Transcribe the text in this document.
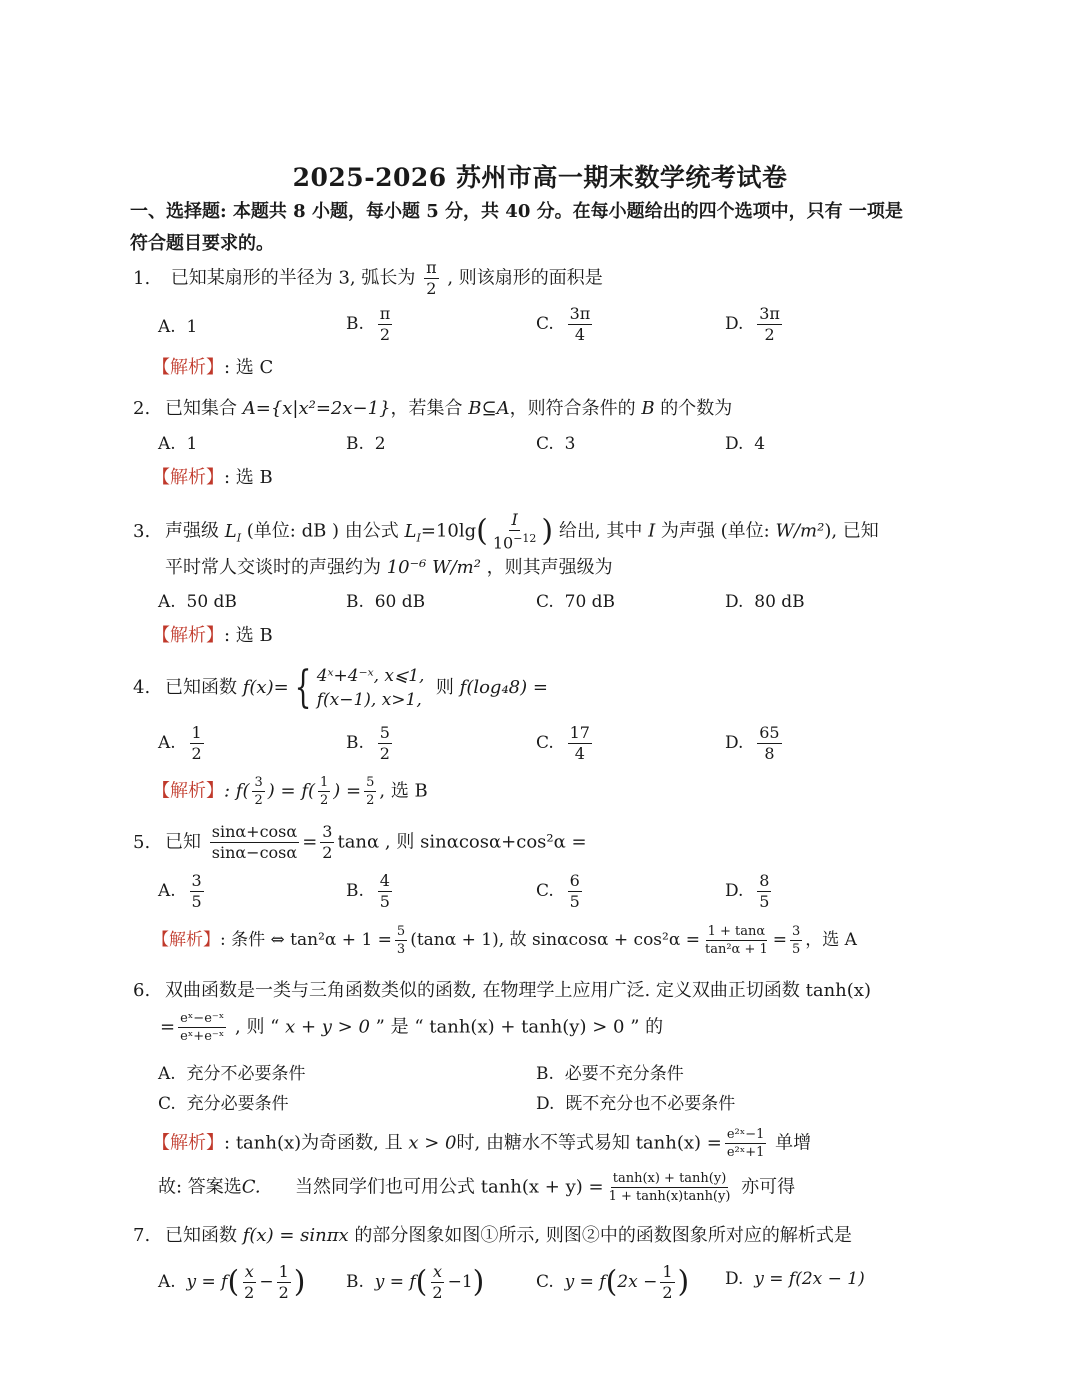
2025-2026 苏州市高一期末数学统考试卷
一、选择题: 本题共 8 小题，每小题 5 分，共 40 分。在每小题给出的四个选项中，只有 一项是
符合题目要求的。
1. 已知某扇形的半径为 3, 弧长为 $\frac{\pi}{2}$ , 则该扇形的面积是
A. 1	B. $\frac{\pi}{2}$	C. $\frac{3\pi}{4}$	D. $\frac{3\pi}{2}$
【解析】: 选 C
2. 已知集合 A={x|x²=2x−1}，若集合 B⊆A，则符合条件的 B 的个数为
A. 1	B. 2	C. 3	D. 4
【解析】: 选 B
3. 声强级 $L_I$ (单位: dB ) 由公式 $L_I=10\lg( \frac{I}{10^{-12}}$ ) 给出, 其中 I 为声强 (单位: W/m²), 已知
平时常人交谈时的声强约为 10⁻⁶ W/m² ，则其声强级为
A. 50 dB	B. 60 dB	C. 70 dB	D. 80 dB
【解析】: 选 B
4. 已知函数 f(x)= { 4ˣ+4⁻ˣ, x⩽1,
f(x−1), x>1,
则 f(log₄8) =
A. $\frac{1}{2}$	B. $\frac{5}{2}$	C. $\frac{17}{4}$	D. $\frac{65}{8}$
【解析】: $f( \frac{3}{2}$ ) = $f( \frac{1}{2}$ ) = $\frac{5}{2}$ , 选 B
5. 已知 $\frac{\sin\alpha+\cos\alpha}{\sin\alpha-\cos\alpha} = \frac{3}{2}$ tanα , 则 sinαcosα+cos²α =
A. $\frac{3}{5}$	B. $\frac{4}{5}$	C. $\frac{6}{5}$	D. $\frac{8}{5}$
【解析】: 条件 ⇔ $\tan^2\alpha + 1 = \frac{5}{3} (\tan\alpha + 1)$, 故 $\sin\alpha\cos\alpha + \cos^2\alpha = \frac{1 + \tan\alpha}{\text{tan²α + 1}} = \frac{3}{5}$ ，选 A
6. 双曲函数是一类与三角函数类似的函数, 在物理学上应用广泛. 定义双曲正切函数 tanh(x)
= $\frac{\text{eˣ−e⁻ˣ}}{\text{eˣ+e⁻ˣ}}$ , 则 “ x + y > 0 ” 是 “ tanh(x) + tanh(y) > 0 ” 的
A. 充分不必要条件	B. 必要不充分条件
C. 充分必要条件	D. 既不充分也不必要条件
【解析】: tanh(x)为奇函数, 且 x > 0时, 由糖水不等式易知 $\tanh(x) = \frac{\text{e²ˣ−1}}{\text{e²ˣ+1}}$ 单增
故: 答案选C. 当然同学们也可用公式 $\tanh(x + y) = \frac{\tanh(x) + \tanh(y)}{1 + \tanh(x)\tanh(y)}$ 亦可得
7. 已知函数 f(x) = sinπx 的部分图象如图①所示, 则图②中的函数图象所对应的解析式是
A. $y = f( \frac{x}{2} - \frac{1}{2}$ ) B. $y = f( \frac{x}{2} -1)$	C. $y = f(2x - \frac{1}{2}$ ) D. y = f(2x − 1)
